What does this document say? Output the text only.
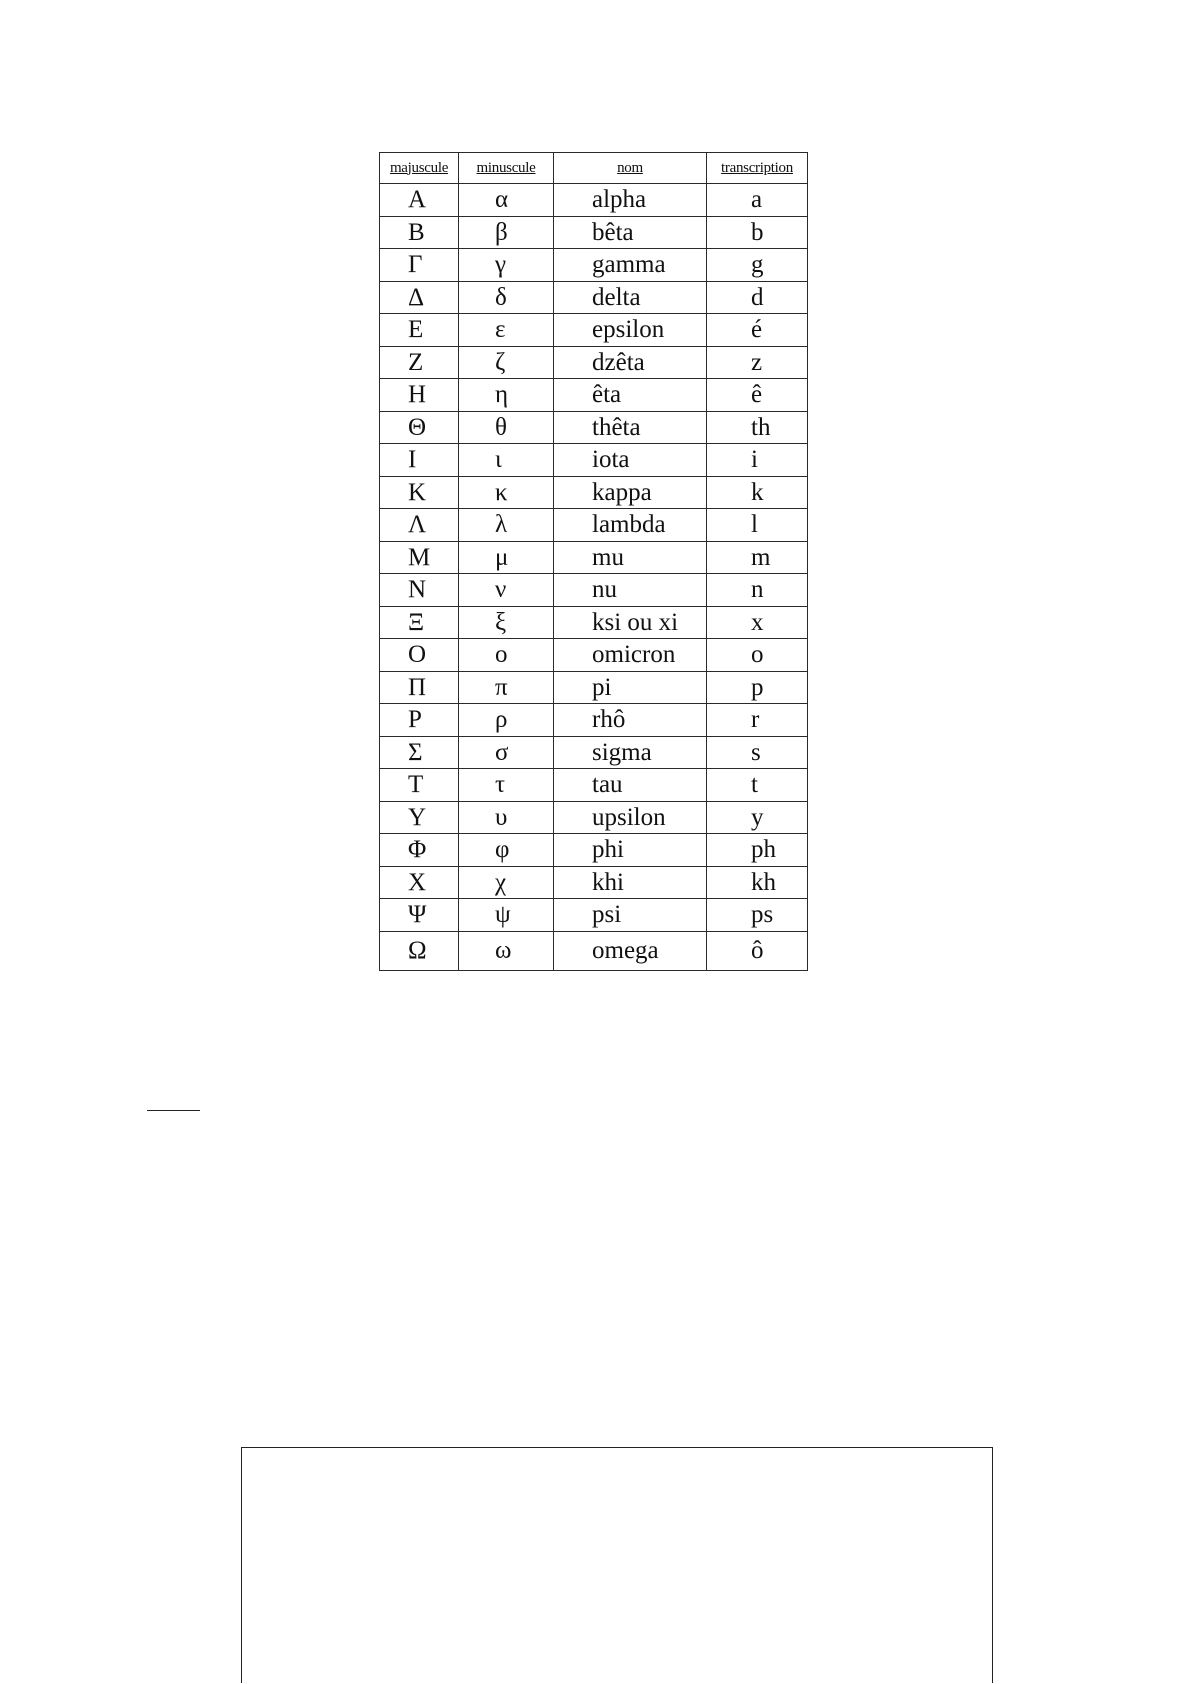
majuscule	minuscule	nom	transcription
Α	α	alpha	a
Β	β	bêta	b
Γ	γ	gamma	g
Δ	δ	delta	d
Ε	ε	epsilon	é
Ζ	ζ	dzêta	z
Η	η	êta	ê
Θ	θ	thêta	th
Ι	ι	iota	i
Κ	κ	kappa	k
Λ	λ	lambda	l
Μ	μ	mu	m
Ν	ν	nu	n
Ξ	ξ	ksi ou xi	x
Ο	ο	omicron	o
Π	π	pi	p
Ρ	ρ	rhô	r
Σ	σ	sigma	s
Τ	τ	tau	t
Υ	υ	upsilon	y
Φ	φ	phi	ph
Χ	χ	khi	kh
Ψ	ψ	psi	ps
Ω	ω	omega	ô
